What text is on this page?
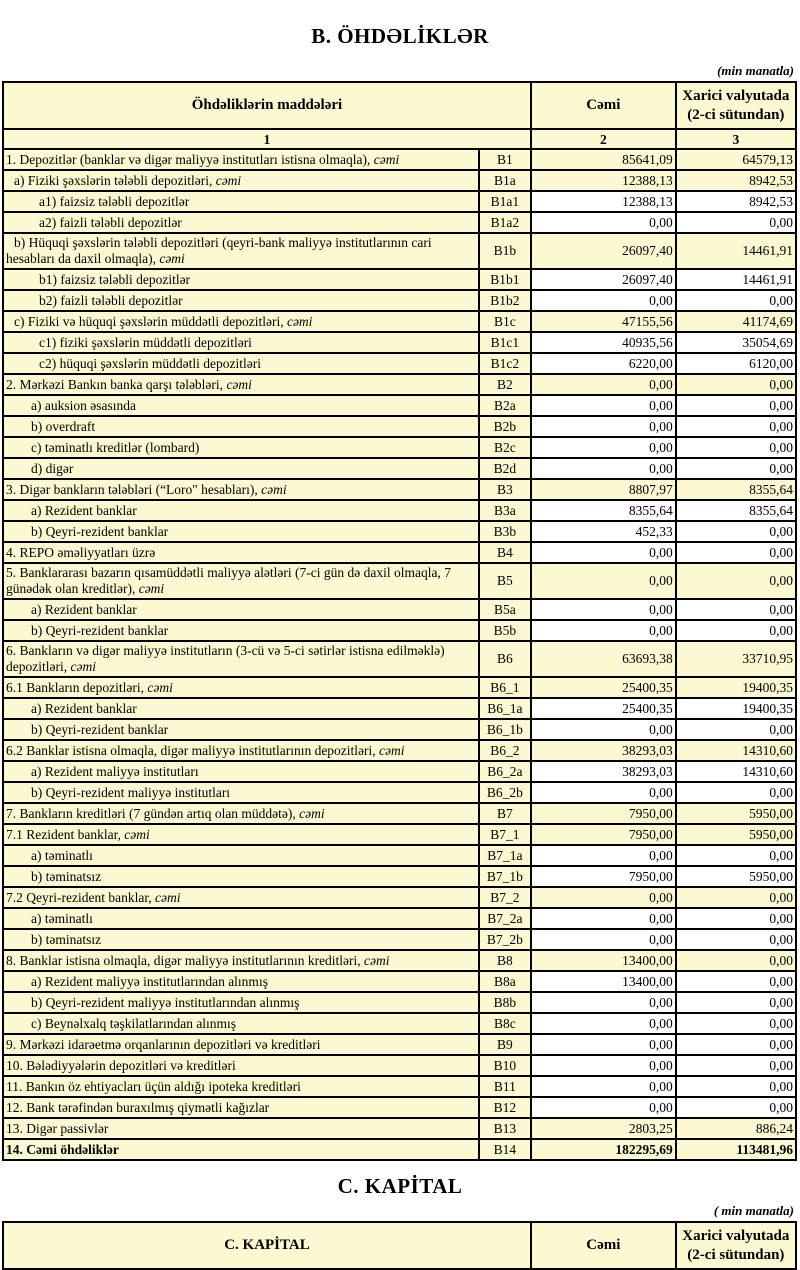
B. ÖHDƏLİKLƏR
(min manatla)
Öhdəliklərin maddələri		Cəmi	Xarici valyutada
(2-ci sütundan)

1		2	3
1. Depozitlər (banklar və digər maliyyə institutları istisna olmaqla), cəmi	B1	85641,09	64579,13
a) Fiziki şəxslərin tələbli depozitləri, cəmi	B1a	12388,13	8942,53
a1) faizsiz tələbli depozitlər	B1a1	12388,13	8942,53
a2) faizli tələbli depozitlər	B1a2	0,00	0,00
b) Hüquqi şəxslərin tələbli depozitləri (qeyri-bank maliyyə institutlarının cari hesabları da daxil olmaqla), cəmi	B1b	26097,40	14461,91
b1) faizsiz tələbli depozitlər	B1b1	26097,40	14461,91
b2) faizli tələbli depozitlər	B1b2	0,00	0,00
c) Fiziki və hüquqi şəxslərin müddətli depozitləri, cəmi	B1c	47155,56	41174,69
c1) fiziki şəxslərin müddətli depozitləri	B1c1	40935,56	35054,69
c2) hüquqi şəxslərin müddətli depozitləri	B1c2	6220,00	6120,00
2. Mərkəzi Bankın banka qarşı tələbləri, cəmi	B2	0,00	0,00
a) auksion əsasında	B2a	0,00	0,00
b) overdraft	B2b	0,00	0,00
c) təminatlı kreditlər (lombard)	B2c	0,00	0,00
d) digər	B2d	0,00	0,00
3. Digər bankların tələbləri (“Loro" hesabları), cəmi	B3	8807,97	8355,64
a) Rezident banklar	B3a	8355,64	8355,64
b) Qeyri-rezident banklar	B3b	452,33	0,00
4. REPO əməliyyatları üzrə	B4	0,00	0,00
5. Banklararası bazarın qısamüddətli maliyyə alətləri (7-ci gün də daxil olmaqla, 7 günədək olan kreditlər), cəmi	B5	0,00	0,00
a) Rezident banklar	B5a	0,00	0,00
b) Qeyri-rezident banklar	B5b	0,00	0,00
6. Bankların və digər maliyyə institutların (3-cü və 5-ci sətirlər istisna edilməklə) depozitləri, cəmi	B6	63693,38	33710,95
6.1 Bankların depozitləri, cəmi	B6_1	25400,35	19400,35
a) Rezident banklar	B6_1a	25400,35	19400,35
b) Qeyri-rezident banklar	B6_1b	0,00	0,00
6.2 Banklar istisna olmaqla, digər maliyyə institutlarının depozitləri, cəmi	B6_2	38293,03	14310,60
a) Rezident maliyyə institutları	B6_2a	38293,03	14310,60
b) Qeyri-rezident maliyyə institutları	B6_2b	0,00	0,00
7. Bankların kreditləri (7 gündən artıq olan müddətə), cəmi	B7	7950,00	5950,00
7.1 Rezident banklar, cəmi	B7_1	7950,00	5950,00
a) təminatlı	B7_1a	0,00	0,00
b) təminatsız	B7_1b	7950,00	5950,00
7.2 Qeyri-rezident banklar, cəmi	B7_2	0,00	0,00
a) təminatlı	B7_2a	0,00	0,00
b) təminatsız	B7_2b	0,00	0,00
8. Banklar istisna olmaqla, digər maliyyə institutlarının kreditləri, cəmi	B8	13400,00	0,00
a) Rezident maliyyə institutlarından alınmış	B8a	13400,00	0,00
b) Qeyri-rezident maliyyə institutlarından alınmış	B8b	0,00	0,00
c) Beynəlxalq təşkilatlarından alınmış	B8c	0,00	0,00
9. Mərkəzi idarəetmə orqanlarının depozitləri və kreditləri	B9	0,00	0,00
10. Bələdiyyələrin depozitləri və kreditləri	B10	0,00	0,00
11. Bankın öz ehtiyacları üçün aldığı ipoteka kreditləri	B11	0,00	0,00
12. Bank tərəfindən buraxılmış qiymətli kağızlar	B12	0,00	0,00
13. Digər passivlər	B13	2803,25	886,24
14. Cəmi öhdəliklər	B14	182295,69	113481,96
C. KAPİTAL
( min manatla)
C. KAPİTAL	Cəmi	
Xarici valyutada
(2-ci sütundan)
